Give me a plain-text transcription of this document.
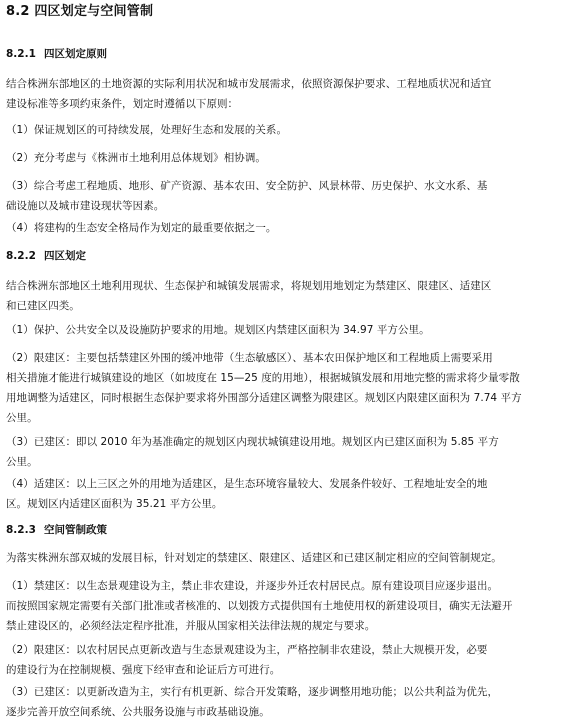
8.2 四区划定与空间管制
8.2.1 四区划定原则
结合株洲东部地区的土地资源的实际利用状况和城市发展需求，依照资源保护要求、工程地质状况和适宜
建设标准等多项约束条件，划定时遵循以下原则：
（1）保证规划区的可持续发展，处理好生态和发展的关系。
（2）充分考虑与《株洲市土地利用总体规划》相协调。
（3）综合考虑工程地质、地形、矿产资源、基本农田、安全防护、风景林带、历史保护、水文水系、基
础设施以及城市建设现状等因素。
（4）将建构的生态安全格局作为划定的最重要依据之一。
8.2.2 四区划定
结合株洲东部地区土地利用现状、生态保护和城镇发展需求，将规划用地划定为禁建区、限建区、适建区
和已建区四类。
（1）保护、公共安全以及设施防护要求的用地。规划区内禁建区面积为 34.97 平方公里。
（2）限建区：主要包括禁建区外围的缓冲地带（生态敏感区）、基本农田保护地区和工程地质上需要采用
相关措施才能进行城镇建设的地区（如坡度在 15—25 度的用地），根据城镇发展和用地完整的需求将少量零散
用地调整为适建区，同时根据生态保护要求将外围部分适建区调整为限建区。规划区内限建区面积为 7.74 平方
公里。
（3）已建区：即以 2010 年为基准确定的规划区内现状城镇建设用地。规划区内已建区面积为 5.85 平方
公里。
（4）适建区：以上三区之外的用地为适建区，是生态环境容量较大、发展条件较好、工程地址安全的地
区。规划区内适建区面积为 35.21 平方公里。
8.2.3 空间管制政策
为落实株洲东部双城的发展目标，针对划定的禁建区、限建区、适建区和已建区制定相应的空间管制规定。
（1）禁建区：以生态景观建设为主，禁止非农建设，并逐步外迁农村居民点。原有建设项目应逐步退出。
而按照国家规定需要有关部门批准或者核准的、以划拨方式提供国有土地使用权的新建设项目，确实无法避开
禁止建设区的，必须经法定程序批准，并服从国家相关法律法规的规定与要求。
（2）限建区：以农村居民点更新改造与生态景观建设为主，严格控制非农建设，禁止大规模开发，必要
的建设行为在控制规模、强度下经审查和论证后方可进行。
（3）已建区：以更新改造为主，实行有机更新、综合开发策略，逐步调整用地功能；以公共利益为优先，
逐步完善开放空间系统、公共服务设施与市政基础设施。
